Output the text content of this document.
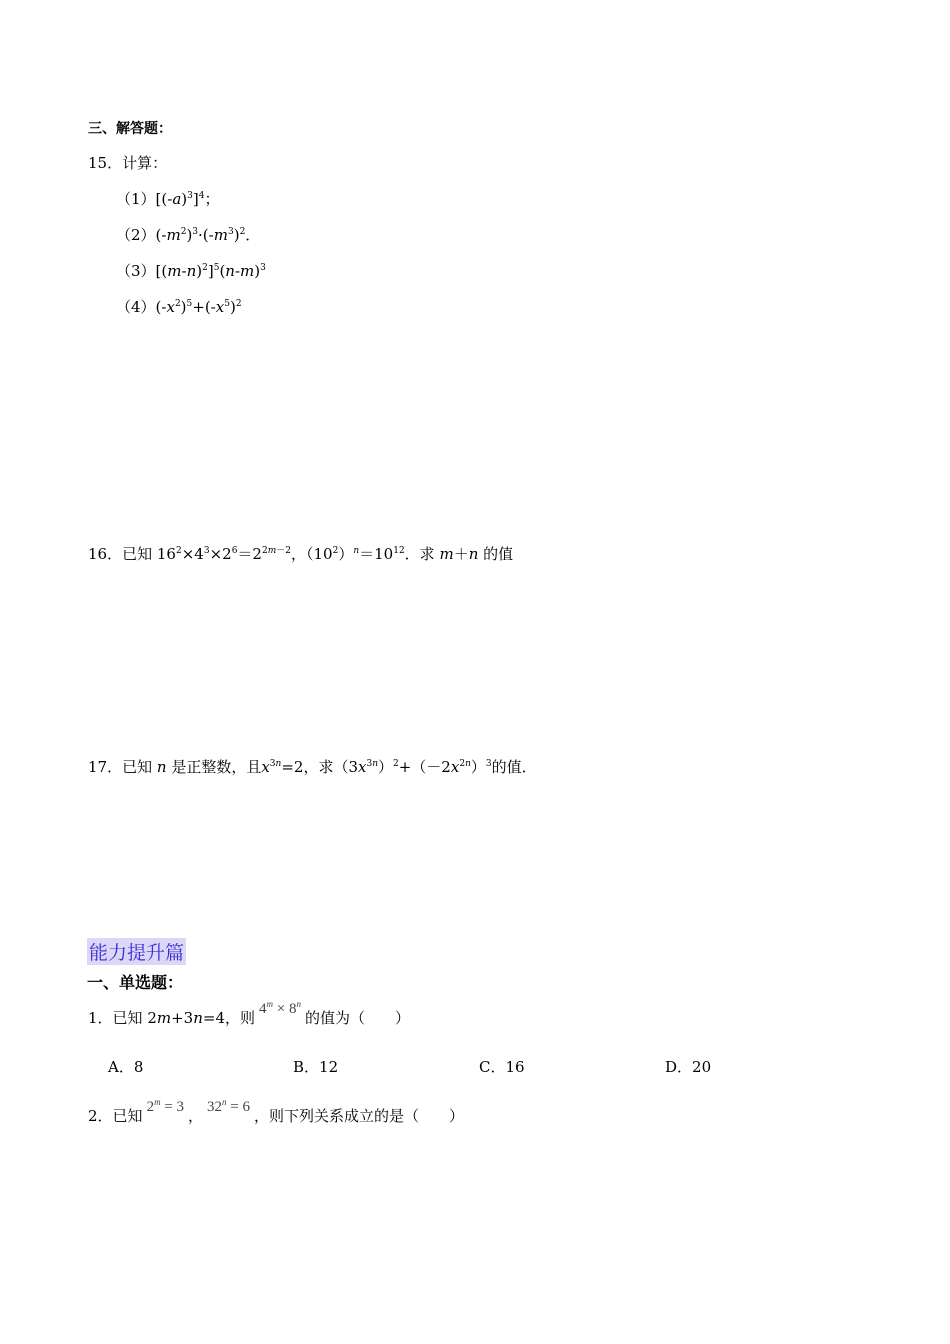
三、解答题：
15．计算：
$(1)[(-a)^3]^4$；
$(2)(-m^2)^3\cdot(-m^3)^2$．
$(3)[(m-n)^2]^5(n-m)^3$
$(4)(-x^2)^5+(-x^5)^2$
16．已知 $16^2\times 4^3\times 2^6=2^{2m-2}$，$(10^2)^n=10^{12}$．求 m＋n 的值
17．已知 n 是正整数，且$x^{3n}=2$，求$(3x^{3n})^2+(-2x^{2n})^3$的值．
能力提升篇
一、单选题：
1．已知 2m+3n=4，则 $4^m \times 8^n$的值为（　　）
A．8	B．12	C．16	D．20
2．已知 $2^m = 3$ ， $32^n = 6$ ，则下列关系成立的是（　　）
